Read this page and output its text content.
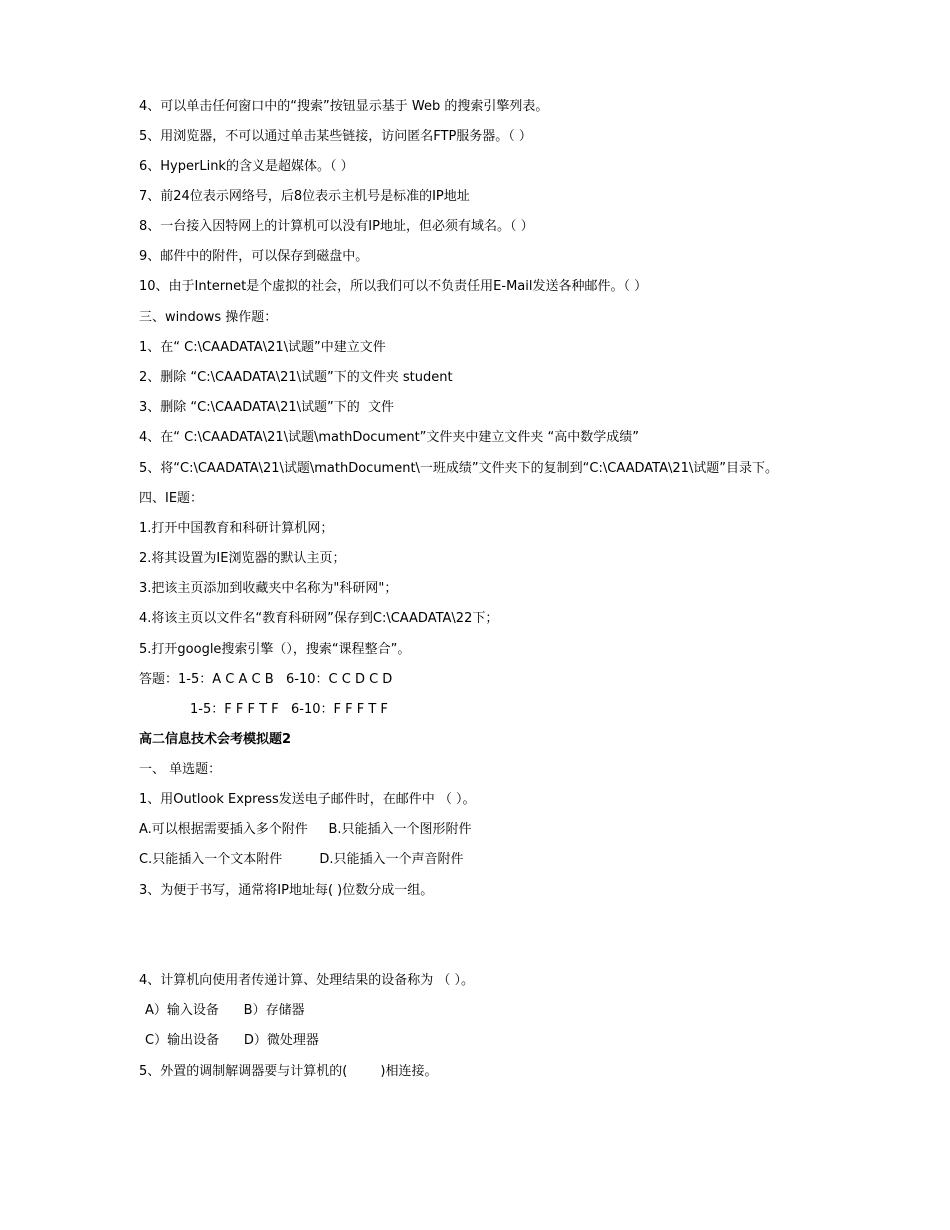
4、可以单击任何窗口中的“搜索”按钮显示基于 Web 的搜索引擎列表。
5、用浏览器，不可以通过单击某些链接，访问匿名FTP服务器。（ ）
6、HyperLink的含义是超媒体。（ ）
7、前24位表示网络号，后8位表示主机号是标准的IP地址
8、一台接入因特网上的计算机可以没有IP地址，但必须有域名。（ ）
9、邮件中的附件，可以保存到磁盘中。
10、由于Internet是个虚拟的社会，所以我们可以不负责任用E-Mail发送各种邮件。（ ）
三、windows 操作题：
1、在“ C:\CAADATA\21\试题”中建立文件
2、删除 “C:\CAADATA\21\试题”下的文件夹 student
3、删除 “C:\CAADATA\21\试题”下的  文件
4、在“ C:\CAADATA\21\试题\mathDocument”文件夹中建立文件夹 “高中数学成绩”
5、将“C:\CAADATA\21\试题\mathDocument\一班成绩”文件夹下的复制到“C:\CAADATA\21\试题”目录下。
四、IE题：
1.打开中国教育和科研计算机网；
2.将其设置为IE浏览器的默认主页；
3.把该主页添加到收藏夹中名称为"科研网"；
4.将该主页以文件名“教育科研网”保存到C:\CAADATA\22下；
5.打开google搜索引擎（），搜索“课程整合”。
答题：1-5：A C A C B   6-10：C C D C D
1-5：F F F T F   6-10：F F F T F
高二信息技术会考模拟题2
一、 单选题：
1、用Outlook Express发送电子邮件时，在邮件中 （ ）。
A.可以根据需要插入多个附件     B.只能插入一个图形附件
C.只能插入一个文本附件         D.只能插入一个声音附件
3、为便于书写，通常将IP地址每( )位数分成一组。
4、计算机向使用者传递计算、处理结果的设备称为 （ ）。
A）输入设备      B）存储器
C）输出设备      D）微处理器
5、外置的调制解调器要与计算机的(        )相连接。
